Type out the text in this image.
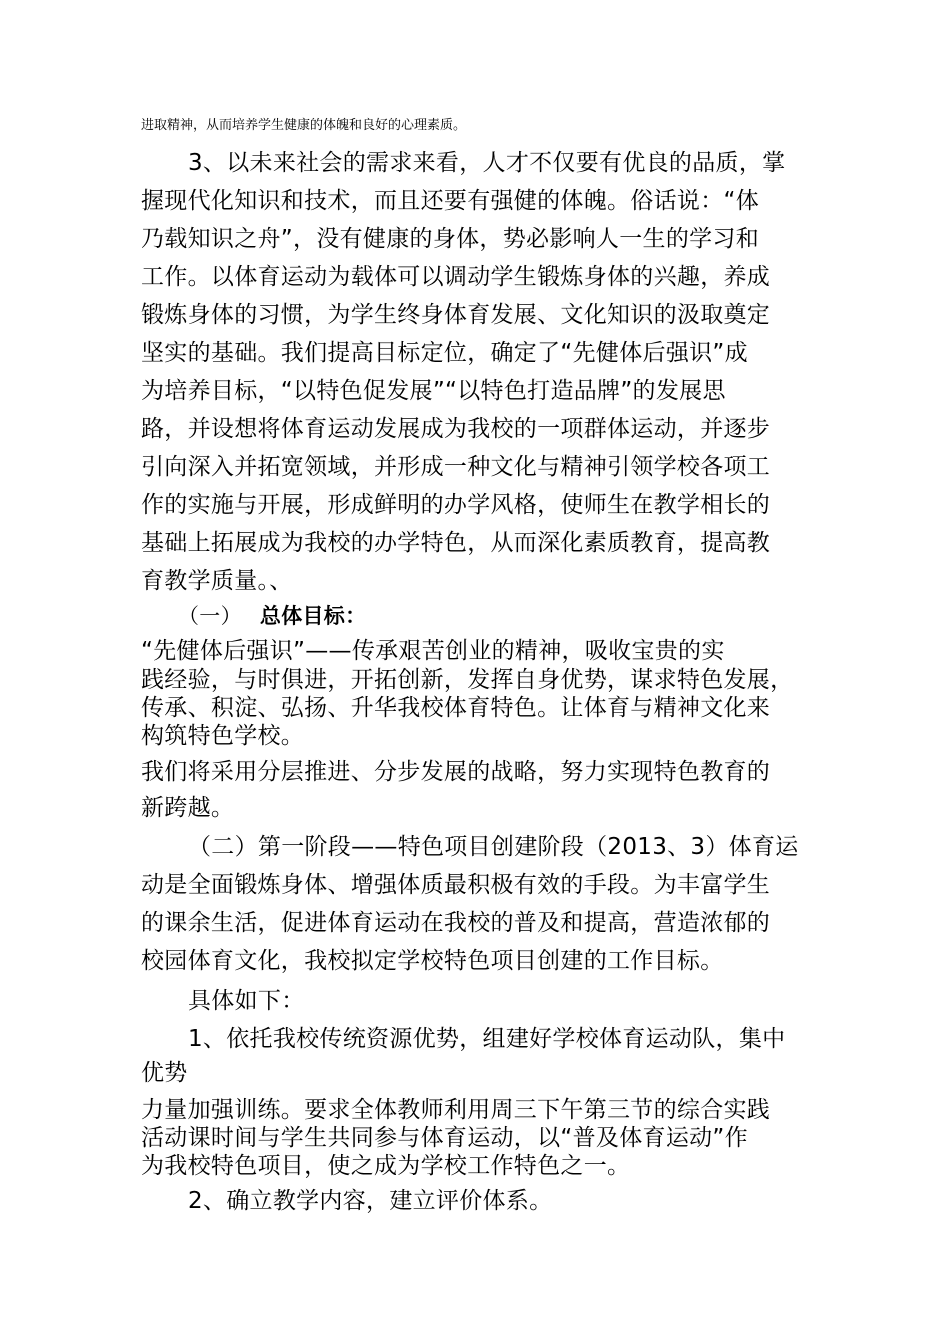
进取精神，从而培养学生健康的体魄和良好的心理素质。
3、以未来社会的需求来看，人才不仅要有优良的品质，掌
握现代化知识和技术，而且还要有强健的体魄。俗话说：“体
乃载知识之舟”，没有健康的身体，势必影响人一生的学习和
工作。以体育运动为载体可以调动学生锻炼身体的兴趣，养成
锻炼身体的习惯，为学生终身体育发展、文化知识的汲取奠定
坚实的基础。我们提高目标定位，确定了“先健体后强识”成
为培养目标，“以特色促发展”“以特色打造品牌”的发展思
路，并设想将体育运动发展成为我校的一项群体运动，并逐步
引向深入并拓宽领域，并形成一种文化与精神引领学校各项工
作的实施与开展，形成鲜明的办学风格，使师生在教学相长的
基础上拓展成为我校的办学特色，从而深化素质教育，提高教
育教学质量。、
（一） 总体目标：
“先健体后强识”——传承艰苦创业的精神，吸收宝贵的实
践经验，与时俱进，开拓创新，发挥自身优势，谋求特色发展，
传承、积淀、弘扬、升华我校体育特色。让体育与精神文化来
构筑特色学校。
我们将采用分层推进、分步发展的战略，努力实现特色教育的
新跨越。
（二）第一阶段——特色项目创建阶段（2013、3）体育运
动是全面锻炼身体、增强体质最积极有效的手段。为丰富学生
的课余生活，促进体育运动在我校的普及和提高，营造浓郁的
校园体育文化，我校拟定学校特色项目创建的工作目标。
具体如下：
1、依托我校传统资源优势，组建好学校体育运动队，集中
优势
力量加强训练。要求全体教师利用周三下午第三节的综合实践
活动课时间与学生共同参与体育运动，以“普及体育运动”作
为我校特色项目，使之成为学校工作特色之一。
2、确立教学内容，建立评价体系。
